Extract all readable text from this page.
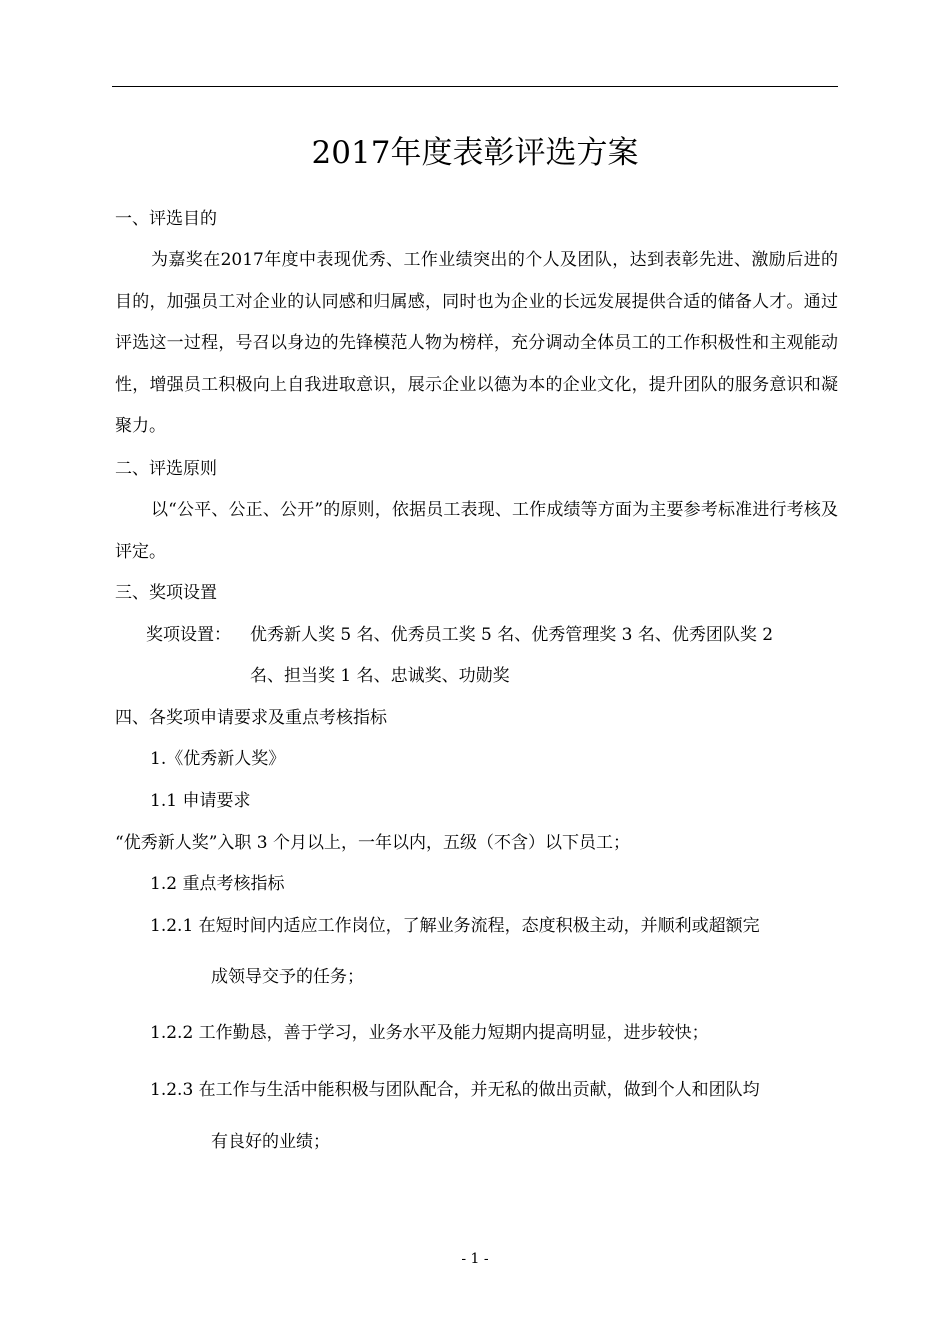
2017年度表彰评选方案
一、评选目的
为嘉奖在2017年度中表现优秀、工作业绩突出的个人及团队，达到表彰先进、激励后进的目的，加强员工对企业的认同感和归属感，同时也为企业的长远发展提供合适的储备人才。通过评选这一过程，号召以身边的先锋模范人物为榜样，充分调动全体员工的工作积极性和主观能动性，增强员工积极向上自我进取意识，展示企业以德为本的企业文化，提升团队的服务意识和凝聚力。
二、评选原则
以“公平、公正、公开”的原则，依据员工表现、工作成绩等方面为主要参考标准进行考核及评定。
三、奖项设置
奖项设置： 优秀新人奖 5 名、优秀员工奖 5 名、优秀管理奖 3 名、优秀团队奖 2
名、担当奖 1 名、忠诚奖、功勋奖
四、各奖项申请要求及重点考核指标
1.《优秀新人奖》
1.1 申请要求
“优秀新人奖”入职 3 个月以上，一年以内，五级（不含）以下员工；
1.2 重点考核指标
1.2.1 在短时间内适应工作岗位，了解业务流程，态度积极主动，并顺利或超额完
成领导交予的任务；
1.2.2 工作勤恳，善于学习，业务水平及能力短期内提高明显，进步较快；
1.2.3 在工作与生活中能积极与团队配合，并无私的做出贡献，做到个人和团队均
有良好的业绩；
- 1 -
